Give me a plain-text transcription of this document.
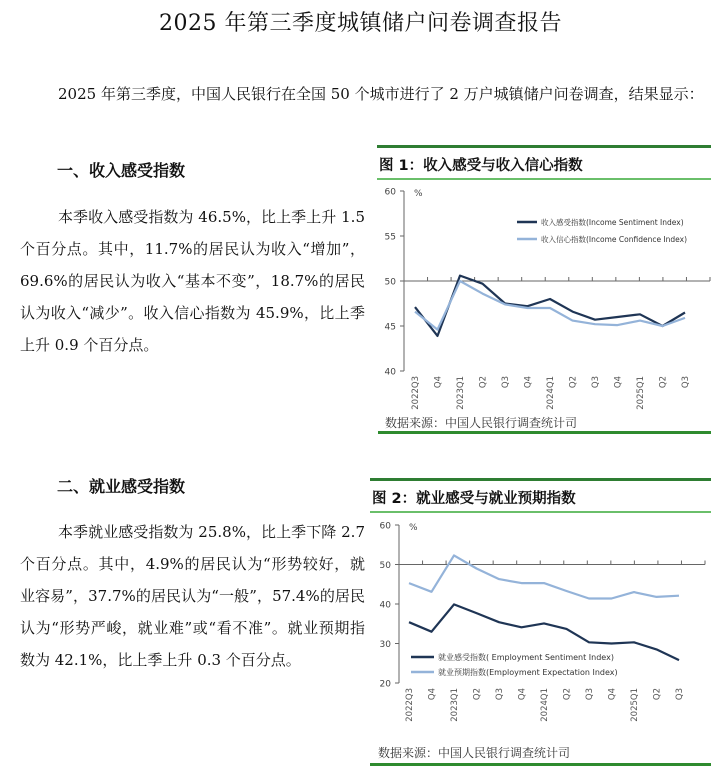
2025 年第三季度城镇储户问卷调查报告
2025 年第三季度，中国人民银行在全国 50 个城市进行了 2 万户城镇储户问卷调查，结果显示：
一、收入感受指数
本季收入感受指数为 46.5%，比上季上升 1.5 个百分点。其中，11.7%的居民认为收入“增加”，69.6%的居民认为收入“基本不变”，18.7%的居民认为收入“减少”。收入信心指数为 45.9%，比上季上升 0.9 个百分点。
二、就业感受指数
本季就业感受指数为 25.8%，比上季下降 2.7 个百分点。其中，4.9%的居民认为“形势较好，就业容易”，37.7%的居民认为“一般”，57.4%的居民认为“形势严峻，就业难”或“看不准”。就业预期指数为 42.1%，比上季上升 0.3 个百分点。
图 1：收入感受与收入信心指数
40
45
50
55
60 %
2022Q3 Q4 2023Q1 Q2 Q3 Q4 2024Q1 Q2 Q3 Q4 2025Q1 Q2 Q3
收入感受指数(Income Sentiment Index)
收入信心指数(Income Confidence Index)
数据来源：中国人民银行调查统计司
图 2：就业感受与就业预期指数
20
30
40
50
60 %
2022Q3 Q4 2023Q1 Q2 Q3 Q4 2024Q1 Q2 Q3 Q4 2025Q1 Q2 Q3
就业感受指数( Employment Sentiment Index)
就业预期指数(Employment Expectation Index)
数据来源：中国人民银行调查统计司
